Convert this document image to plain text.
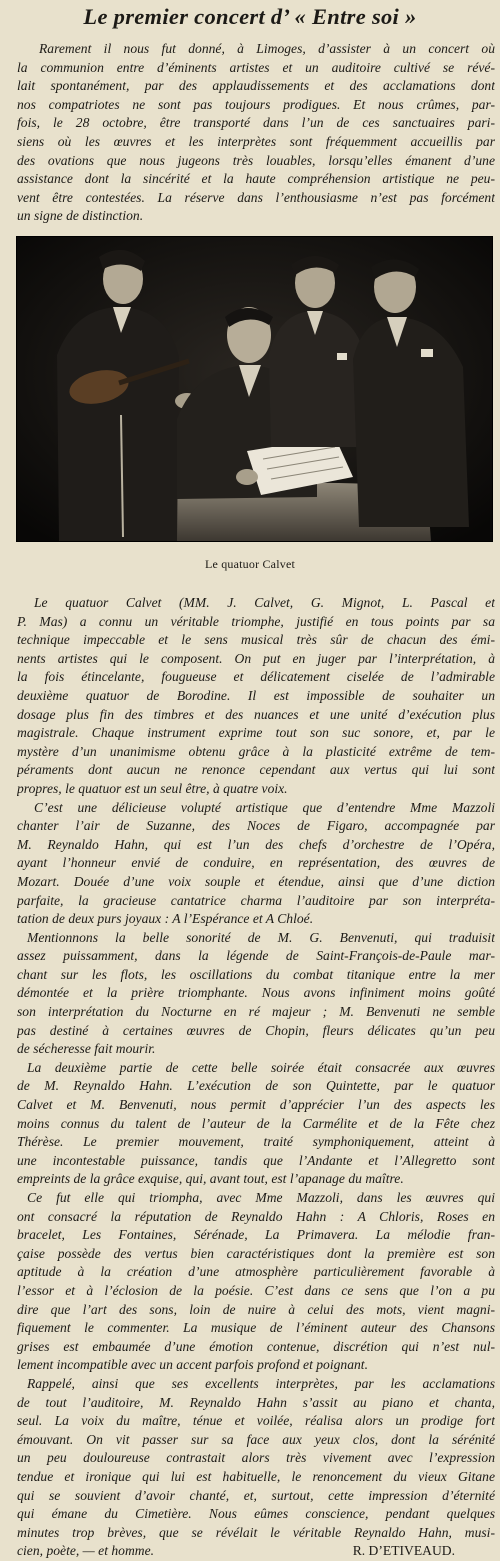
Le premier concert d’ « Entre soi »
Rarement il nous fut donné, à Limoges, d’assister à un concert où
la communion entre d’éminents artistes et un auditoire cultivé se révé-
lait spontanément, par des applaudissements et des acclamations dont
nos compatriotes ne sont pas toujours prodigues. Et nous crûmes, par-
fois, le 28 octobre, être transporté dans l’un de ces sanctuaires pari-
siens où les œuvres et les interprètes sont fréquemment accueillis par
des ovations que nous jugeons très louables, lorsqu’elles émanent d’une
assistance dont la sincérité et la haute compréhension artistique ne peu-
vent être contestées. La réserve dans l’enthousiasme n’est pas forcément
un signe de distinction.
Le quatuor Calvet
Le quatuor Calvet (MM. J. Calvet, G. Mignot, L. Pascal et
P. Mas) a connu un véritable triomphe, justifié en tous points par sa
technique impeccable et le sens musical très sûr de chacun des émi-
nents artistes qui le composent. On put en juger par l’interprétation, à
la fois étincelante, fougueuse et délicatement ciselée de l’admirable
deuxième quatuor de Borodine. Il est impossible de souhaiter un
dosage plus fin des timbres et des nuances et une unité d’exécution plus
magistrale. Chaque instrument exprime tout son suc sonore, et, par le
mystère d’un unanimisme obtenu grâce à la plasticité extrême de tem-
péraments dont aucun ne renonce cependant aux vertus qui lui sont
propres, le quatuor est un seul être, à quatre voix.
C’est une délicieuse volupté artistique que d’entendre Mme Mazzoli
chanter l’air de Suzanne, des Noces de Figaro, accompagnée par
M. Reynaldo Hahn, qui est l’un des chefs d’orchestre de l’Opéra,
ayant l’honneur envié de conduire, en représentation, des œuvres de
Mozart. Douée d’une voix souple et étendue, ainsi que d’une diction
parfaite, la gracieuse cantatrice charma l’auditoire par son interpréta-
tation de deux purs joyaux : A l’Espérance et A Chloé.
Mentionnons la belle sonorité de M. G. Benvenuti, qui traduisit
assez puissamment, dans la légende de Saint-François-de-Paule mar-
chant sur les flots, les oscillations du combat titanique entre la mer
démontée et la prière triomphante. Nous avons infiniment moins goûté
son interprétation du Nocturne en ré majeur ; M. Benvenuti ne semble
pas destiné à certaines œuvres de Chopin, fleurs délicates qu’un peu
de sécheresse fait mourir.
La deuxième partie de cette belle soirée était consacrée aux œuvres
de M. Reynaldo Hahn. L’exécution de son Quintette, par le quatuor
Calvet et M. Benvenuti, nous permit d’apprécier l’un des aspects les
moins connus du talent de l’auteur de la Carmélite et de la Fête chez
Thérèse. Le premier mouvement, traité symphoniquement, atteint à
une incontestable puissance, tandis que l’Andante et l’Allegretto sont
empreints de la grâce exquise, qui, avant tout, est l’apanage du maître.
Ce fut elle qui triompha, avec Mme Mazzoli, dans les œuvres qui
ont consacré la réputation de Reynaldo Hahn : A Chloris, Roses en
bracelet, Les Fontaines, Sérénade, La Primavera. La mélodie fran-
çaise possède des vertus bien caractéristiques dont la première est son
aptitude à la création d’une atmosphère particulièrement favorable à
l’essor et à l’éclosion de la poésie. C’est dans ce sens que l’on a pu
dire que l’art des sons, loin de nuire à celui des mots, vient magni-
fiquement le commenter. La musique de l’éminent auteur des Chansons
grises est embaumée d’une émotion contenue, discrétion qui n’est nul-
lement incompatible avec un accent parfois profond et poignant.
Rappelé, ainsi que ses excellents interprètes, par les acclamations
de tout l’auditoire, M. Reynaldo Hahn s’assit au piano et chanta,
seul. La voix du maître, ténue et voilée, réalisa alors un prodige fort
émouvant. On vit passer sur sa face aux yeux clos, dont la sérénité
un peu douloureuse contrastait alors très vivement avec l’expression
tendue et ironique qui lui est habituelle, le renoncement du vieux Gitane
qui se souvient d’avoir chanté, et, surtout, cette impression d’éternité
qui émane du Cimetière. Nous eûmes conscience, pendant quelques
minutes trop brèves, que se révélait le véritable Reynaldo Hahn, musi-
cien, poète, — et homme.	R. D’ETIVEAUD.
